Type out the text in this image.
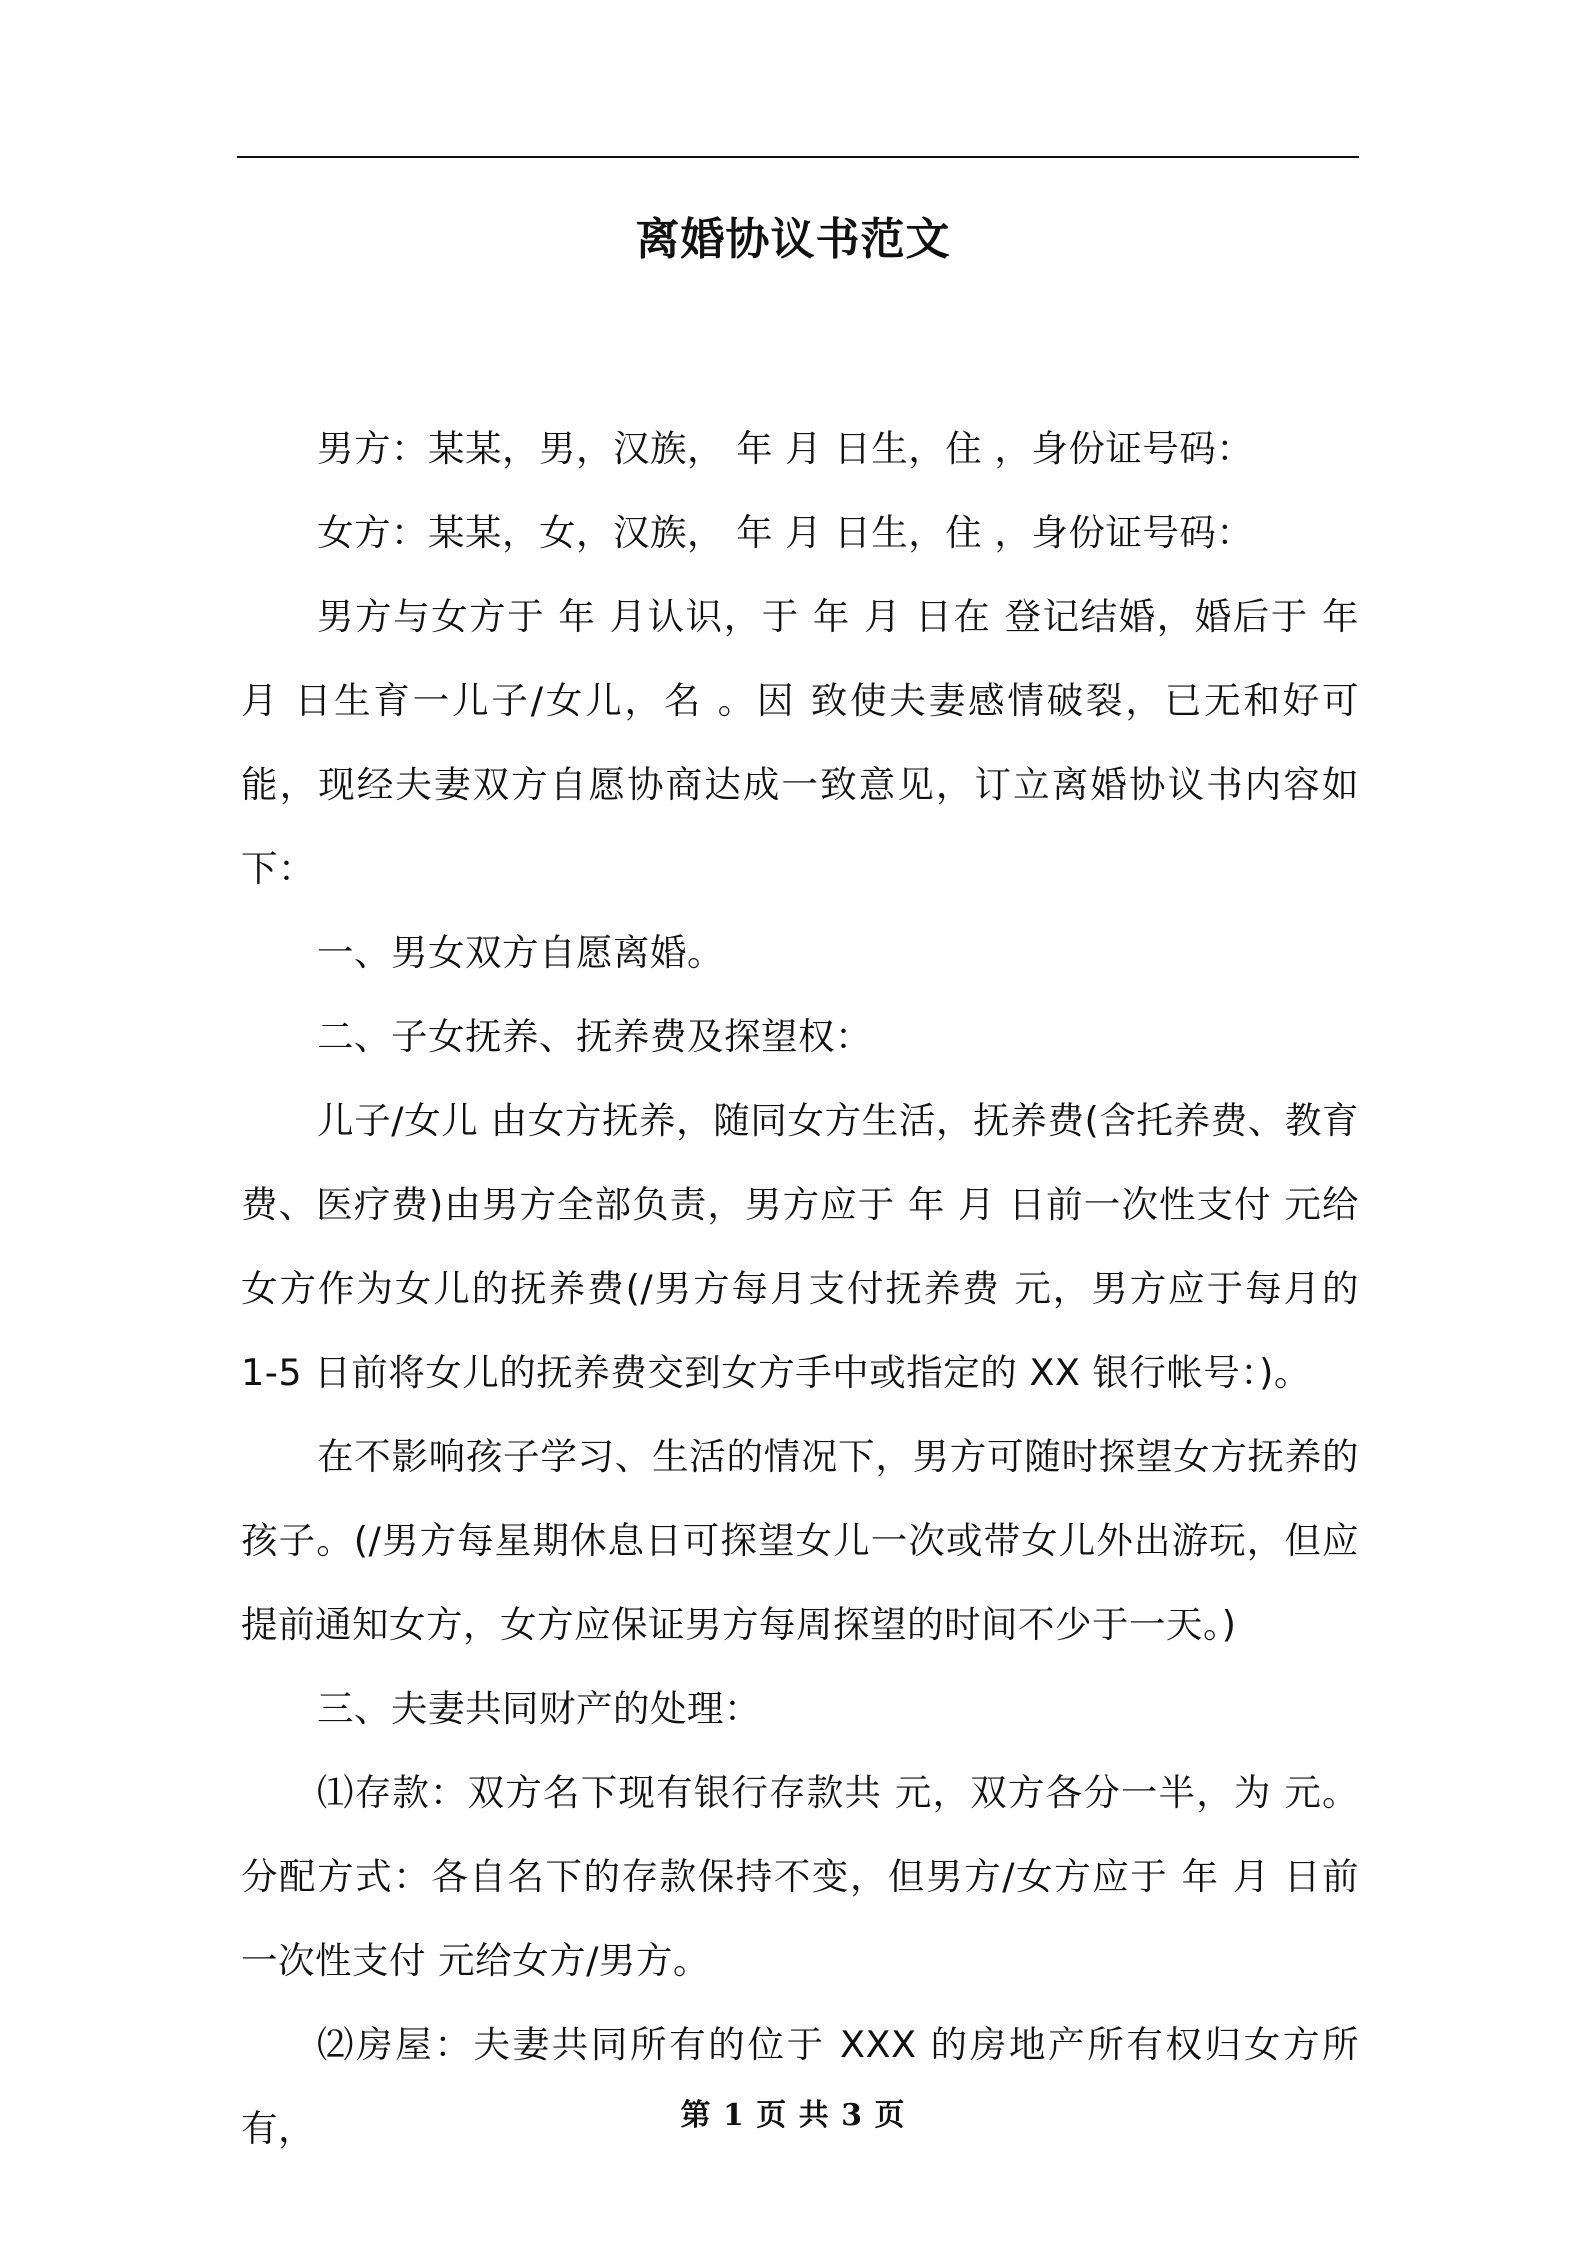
离婚协议书范文

男方：某某，男，汉族， 年 月 日生，住 ，身份证号码：

女方：某某，女，汉族， 年 月 日生，住 ，身份证号码：

男方与女方于 年 月认识，于 年 月 日在 登记结婚，婚后于 年 月 日生育一儿子/女儿，名 。因 致使夫妻感情破裂，已无和好可能，现经夫妻双方自愿协商达成一致意见，订立离婚协议书内容如下：

一、男女双方自愿离婚。

二、子女抚养、抚养费及探望权：

儿子/女儿 由女方抚养，随同女方生活，抚养费(含托养费、教育费、医疗费)由男方全部负责，男方应于 年 月 日前一次性支付 元给女方作为女儿的抚养费(/男方每月支付抚养费 元，男方应于每月的 1-5 日前将女儿的抚养费交到女方手中或指定的 XX 银行帐号：)。

在不影响孩子学习、生活的情况下，男方可随时探望女方抚养的孩子。(/男方每星期休息日可探望女儿一次或带女儿外出游玩，但应提前通知女方，女方应保证男方每周探望的时间不少于一天。)

三、夫妻共同财产的处理：

⑴存款：双方名下现有银行存款共 元，双方各分一半，为 元。分配方式：各自名下的存款保持不变，但男方/女方应于 年 月 日前一次性支付 元给女方/男方。

⑵房屋：夫妻共同所有的位于 XXX 的房地产所有权归女方所有，	第 1 页 共 3 页
